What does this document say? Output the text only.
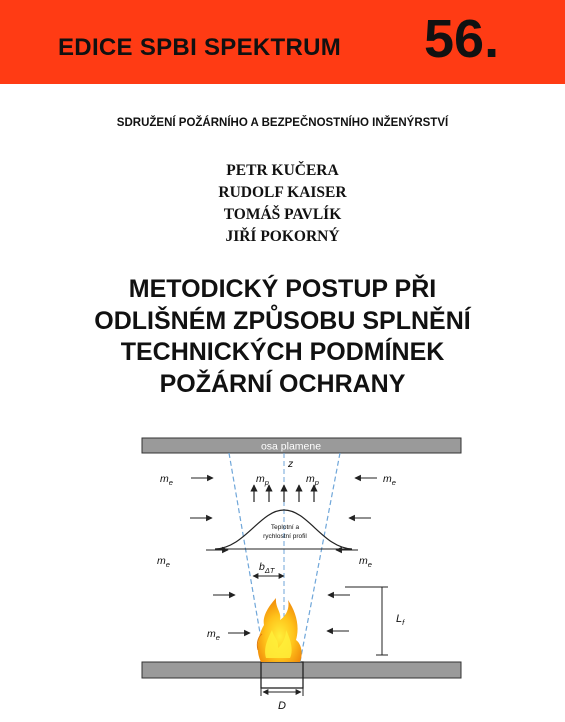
EDICE SPBI SPEKTRUM 56.
SDRUŽENÍ POŽÁRNÍHO A BEZPEČNOSTNÍHO INŽENÝRSTVÍ
PETR KUČERA
RUDOLF KAISER
TOMÁŠ PAVLÍK
JIŘÍ POKORNÝ
METODICKÝ POSTUP PŘI
ODLIŠNÉM ZPŮSOBU SPLNĚNÍ
TECHNICKÝCH PODMÍNEK
POŽÁRNÍ OCHRANY
osa plamene
z
$m_p$	$m_p$
$m_e$	$m_e$
$m_e$	$m_e$
$m_e$
Teplotní a
rychlostní profil
$b_{\Delta T}$
$L_f$
D
